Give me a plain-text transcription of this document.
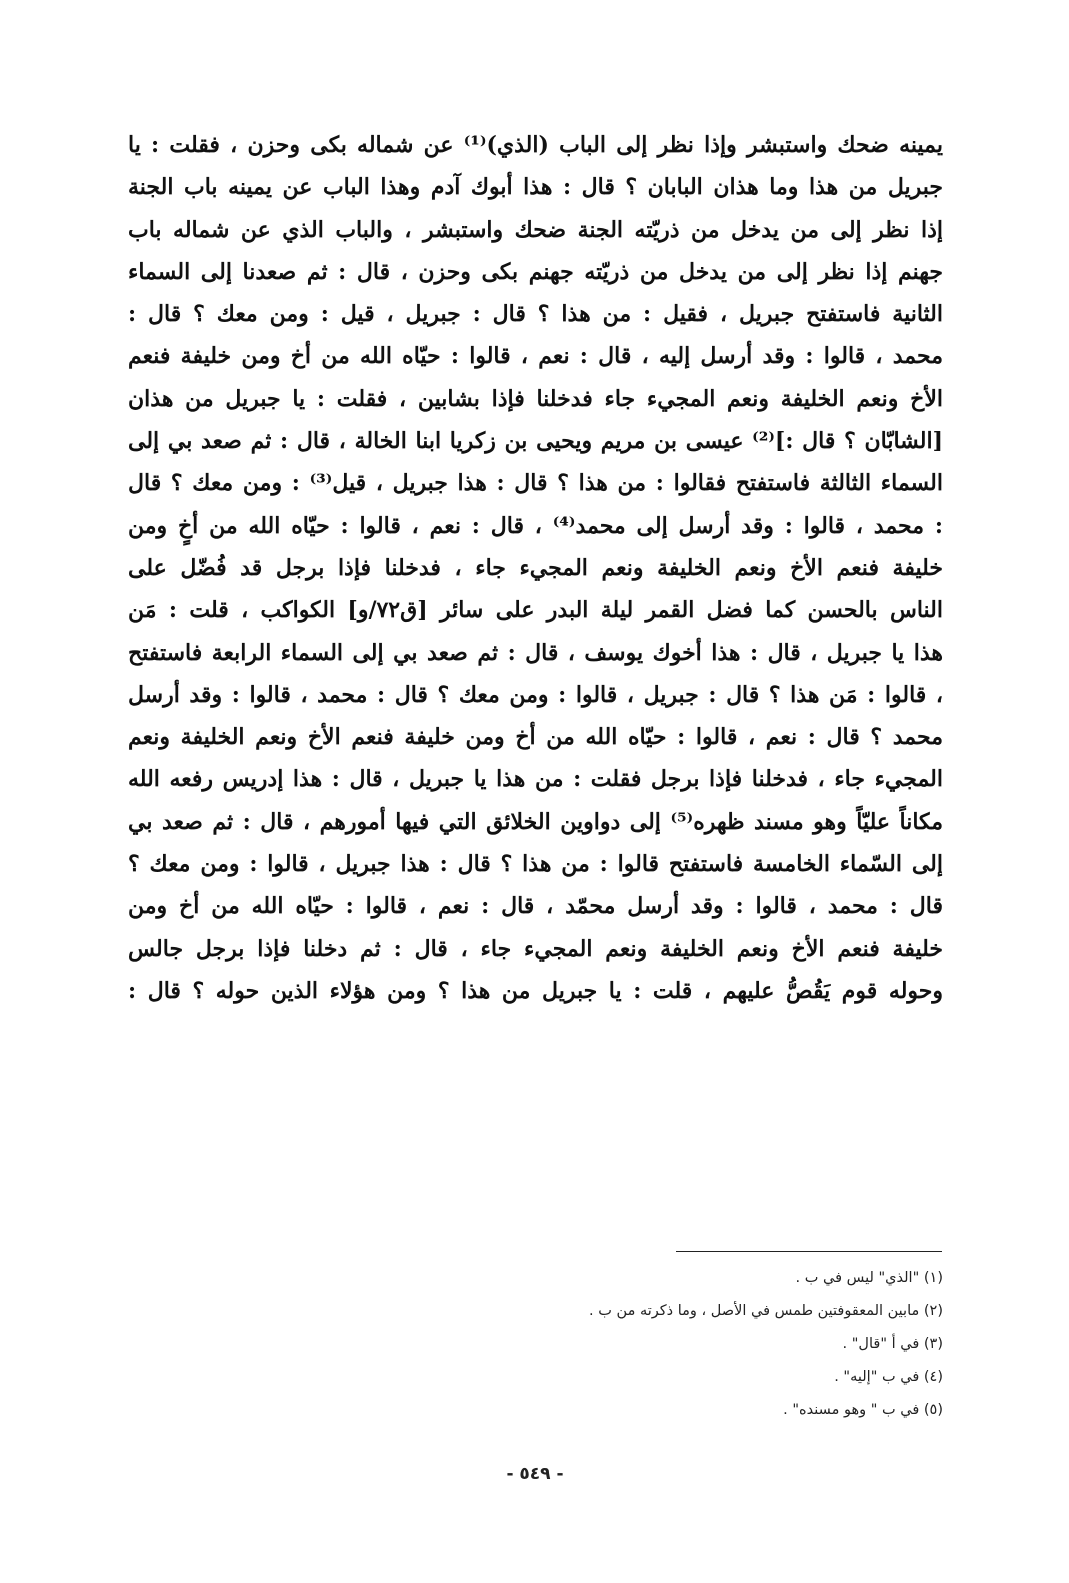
يمينه ضحك واستبشر وإذا نظر إلى الباب (الذي)⁽¹⁾ عن شماله بكى وحزن ، فقلت : يا
جبريل من هذا وما هذان البابان ؟ قال : هذا أبوك آدم وهذا الباب عن يمينه باب الجنة
إذا نظر إلى من يدخل من ذريّته الجنة ضحك واستبشر ، والباب الذي عن شماله باب
جهنم إذا نظر إلى من يدخل من ذريّته جهنم بكى وحزن ، قال : ثم صعدنا إلى السماء
الثانية فاستفتح جبريل ، فقيل : من هذا ؟ قال : جبريل ، قيل : ومن معك ؟ قال :
محمد ، قالوا : وقد أرسل إليه ، قال : نعم ، قالوا : حيّاه الله من أخ ومن خليفة فنعم
الأخ ونعم الخليفة ونعم المجيء جاء فدخلنا فإذا بشابين ، فقلت : يا جبريل من هذان
[الشابّان ؟ قال :]⁽²⁾ عيسى بن مريم ويحيى بن زكريا ابنا الخالة ، قال : ثم صعد بي إلى
السماء الثالثة فاستفتح فقالوا : من هذا ؟ قال : هذا جبريل ، قيل⁽³⁾ : ومن معك ؟ قال
: محمد ، قالوا : وقد أرسل إلى محمد⁽⁴⁾ ، قال : نعم ، قالوا : حيّاه الله من أخٍ ومن
خليفة فنعم الأخ ونعم الخليفة ونعم المجيء جاء ، فدخلنا فإذا برجل قد فُضّل على
الناس بالحسن كما فضل القمر ليلة البدر على سائر [ق٧٢/و] الكواكب ، قلت : مَن
هذا يا جبريل ، قال : هذا أخوك يوسف ، قال : ثم صعد بي إلى السماء الرابعة فاستفتح
، قالوا : مَن هذا ؟ قال : جبريل ، قالوا : ومن معك ؟ قال : محمد ، قالوا : وقد أرسل
محمد ؟ قال : نعم ، قالوا : حيّاه الله من أخ ومن خليفة فنعم الأخ ونعم الخليفة ونعم
المجيء جاء ، فدخلنا فإذا برجل فقلت : من هذا يا جبريل ، قال : هذا إدريس رفعه الله
مكاناً عليّاً وهو مسند ظهره⁽⁵⁾ إلى دواوين الخلائق التي فيها أمورهم ، قال : ثم صعد بي
إلى السّماء الخامسة فاستفتح قالوا : من هذا ؟ قال : هذا جبريل ، قالوا : ومن معك ؟
قال : محمد ، قالوا : وقد أرسل محمّد ، قال : نعم ، قالوا : حيّاه الله من أخ ومن
خليفة فنعم الأخ ونعم الخليفة ونعم المجيء جاء ، قال : ثم دخلنا فإذا برجل جالس
وحوله قوم يَقُصُّ عليهم ، قلت : يا جبريل من هذا ؟ ومن هؤلاء الذين حوله ؟ قال :
(١) "الذي" ليس في ب .
(٢) مابين المعقوفتين طمس في الأصل ، وما ذكرته من ب .
(٣) في أ "قال" .
(٤) في ب "إليه" .
(٥) في ب " وهو مسنده" .
- ٥٤٩ -
